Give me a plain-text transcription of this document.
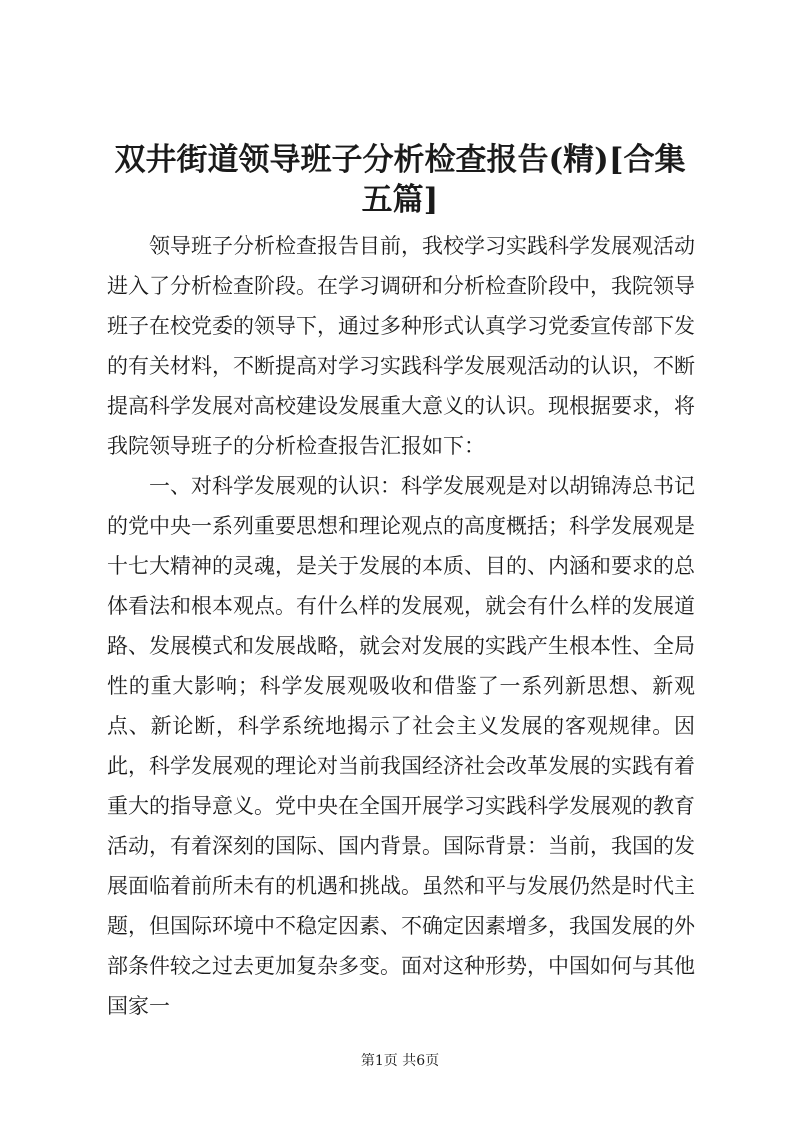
双井街道领导班子分析检查报告(精)[合集五篇]

领导班子分析检查报告目前，我校学习实践科学发展观活动进入了分析检查阶段。在学习调研和分析检查阶段中，我院领导班子在校党委的领导下，通过多种形式认真学习党委宣传部下发的有关材料，不断提高对学习实践科学发展观活动的认识，不断提高科学发展对高校建设发展重大意义的认识。现根据要求，将我院领导班子的分析检查报告汇报如下：

一、对科学发展观的认识：科学发展观是对以胡锦涛总书记的党中央一系列重要思想和理论观点的高度概括；科学发展观是十七大精神的灵魂，是关于发展的本质、目的、内涵和要求的总体看法和根本观点。有什么样的发展观，就会有什么样的发展道路、发展模式和发展战略，就会对发展的实践产生根本性、全局性的重大影响；科学发展观吸收和借鉴了一系列新思想、新观点、新论断，科学系统地揭示了社会主义发展的客观规律。因此，科学发展观的理论对当前我国经济社会改革发展的实践有着重大的指导意义。党中央在全国开展学习实践科学发展观的教育活动，有着深刻的国际、国内背景。国际背景：当前，我国的发展面临着前所未有的机遇和挑战。虽然和平与发展仍然是时代主题，但国际环境中不稳定因素、不确定因素增多，我国发展的外部条件较之过去更加复杂多变。面对这种形势，中国如何与其他国家一

第1页 共6页
